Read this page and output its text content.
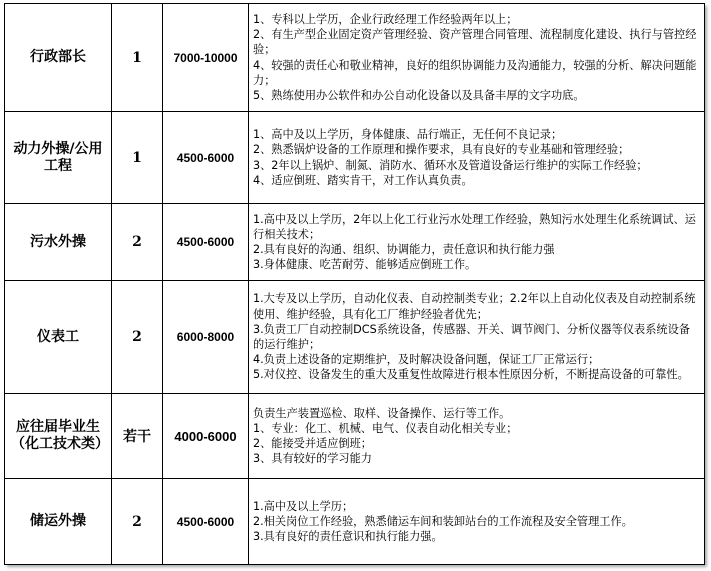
行政部长	1	7000-10000	1、专科以上学历，企业行政经理工作经验两年以上；
2、有生产型企业固定资产管理经验、资产管理合同管理、流程制度化建设、执行与管控经验；
4、较强的责任心和敬业精神，良好的组织协调能力及沟通能力，较强的分析、解决问题能力；
5、熟练使用办公软件和办公自动化设备以及具备丰厚的文字功底。

动力外操/公用工程	1	4500-6000	1、高中及以上学历，身体健康、品行端正，无任何不良记录；
2、熟悉锅炉设备的工作原理和操作要求，具有良好的专业基础和管理经验；
3、2年以上锅炉、制氮、消防水、循环水及管道设备运行维护的实际工作经验；
4、适应倒班、踏实肯干，对工作认真负责。

污水外操	2	4500-6000	1.高中及以上学历，2年以上化工行业污水处理工作经验，熟知污水处理生化系统调试、运行相关技术；
2.具有良好的沟通、组织、协调能力，责任意识和执行能力强
3.身体健康、吃苦耐劳、能够适应倒班工作。

仪表工	2	6000-8000	1.大专及以上学历，自动化仪表、自动控制类专业；2.2年以上自动化仪表及自动控制系统使用、维护经验，具有化工厂维护经验者优先；
3.负责工厂自动控制DCS系统设备，传感器、开关、调节阀门、分析仪器等仪表系统设备的运行维护；
4.负责上述设备的定期维护，及时解决设备问题，保证工厂正常运行；
5.对仪控、设备发生的重大及重复性故障进行根本性原因分析，不断提高设备的可靠性。

应往届毕业生（化工技术类）	若干	4000-6000	负责生产装置巡检、取样、设备操作、运行等工作。
1、专业：化工、机械、电气、仪表自动化相关专业；
2、能接受并适应倒班；
3、具有较好的学习能力

储运外操	2	4500-6000	1.高中及以上学历；
2.相关岗位工作经验，熟悉储运车间和装卸站台的工作流程及安全管理工作。
3.具有良好的责任意识和执行能力强。
